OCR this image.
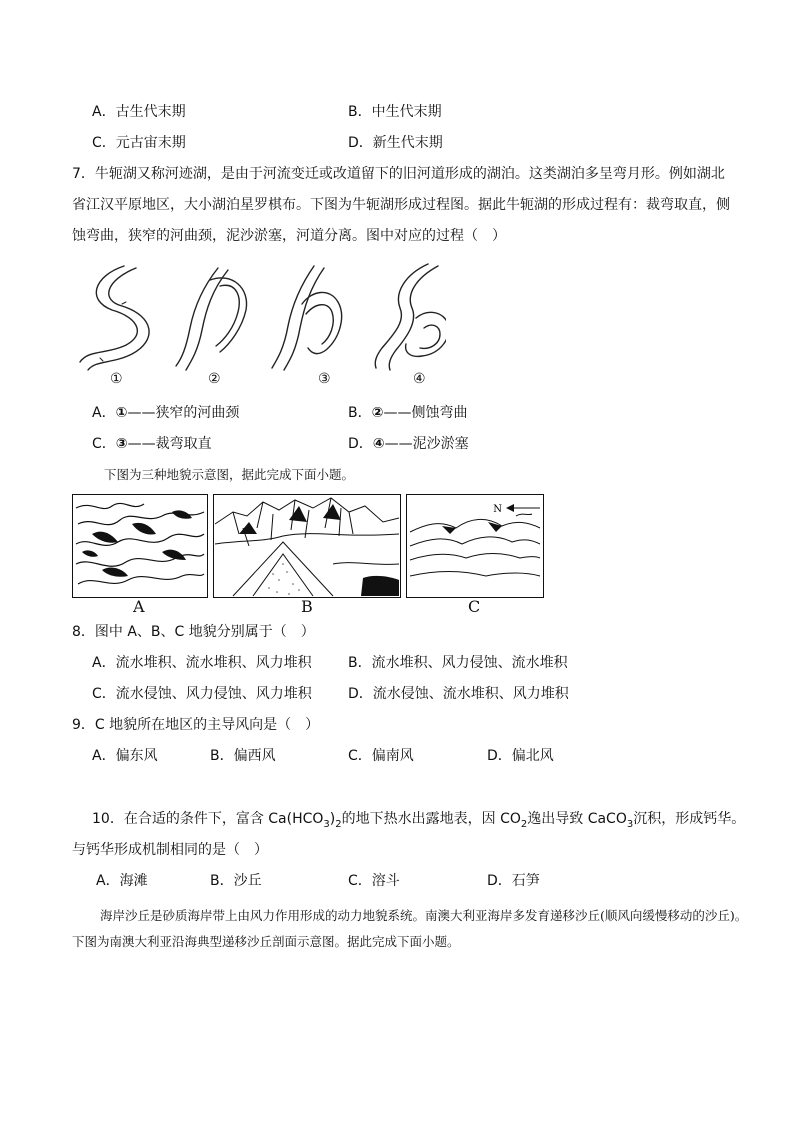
A．古生代末期	B．中生代末期
C．元古宙末期	D．新生代末期
7．牛轭湖又称河迹湖，是由于河流变迁或改道留下的旧河道形成的湖泊。这类湖泊多呈弯月形。例如湖北省江汉平原地区，大小湖泊星罗棋布。下图为牛轭湖形成过程图。据此牛轭湖的形成过程有：裁弯取直，侧蚀弯曲，狭窄的河曲颈，泥沙淤塞，河道分离。图中对应的过程（　）
①	②	③	④
A．①——狭窄的河曲颈	B．②——侧蚀弯曲
C．③——裁弯取直	D．④——泥沙淤塞
下图为三种地貌示意图，据此完成下面小题。
N
A	B	C
8．图中 A、B、C 地貌分别属于（　）
A．流水堆积、流水堆积、风力堆积	B．流水堆积、风力侵蚀、流水堆积
C．流水侵蚀、风力侵蚀、风力堆积	D．流水侵蚀、流水堆积、风力堆积
9．C 地貌所在地区的主导风向是（　）
A．偏东风	B．偏西风	C．偏南风	D．偏北风
10．在合适的条件下，富含 $Ca(HCO_3)_2$的地下热水出露地表，因 $CO_2$逸出导致 CaCO$_3$沉积，形成钙华。
与钙华形成机制相同的是（　）
A．海滩	B．沙丘	C．溶斗	D．石笋
海岸沙丘是砂质海岸带上由风力作用形成的动力地貌系统。南澳大利亚海岸多发育递移沙丘(顺风向缓慢移动的沙丘)。下图为南澳大利亚沿海典型递移沙丘剖面示意图。据此完成下面小题。
